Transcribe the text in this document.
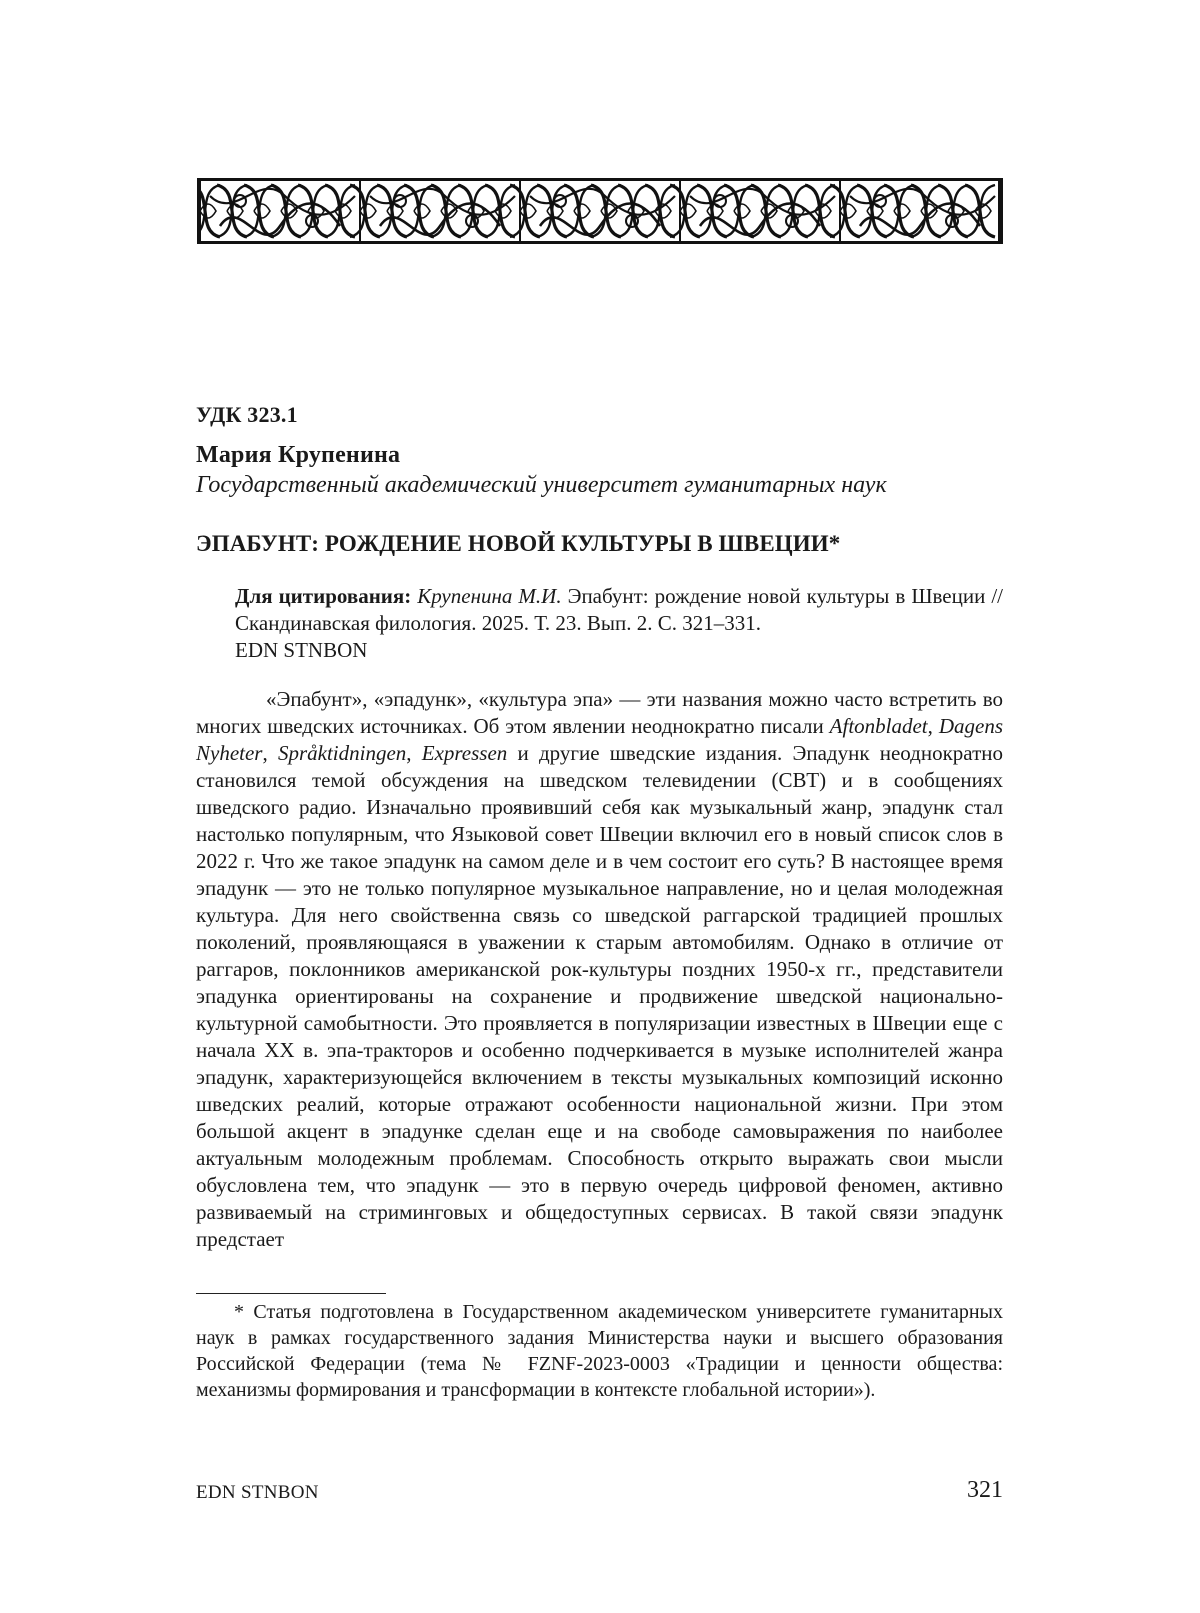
УДК 323.1
Мария Крупенина
Государственный академический университет гуманитарных наук
ЭПАБУНТ: РОЖДЕНИЕ НОВОЙ КУЛЬТУРЫ В ШВЕЦИИ*
Для цитирования: Крупенина М.И. Эпабунт: рождение новой культуры в Швеции // Скандинавская филология. 2025. Т. 23. Вып. 2. С. 321–331.
EDN STNBON

«Эпабунт», «эпадунк», «культура эпа» — эти названия можно часто встретить во многих шведских источниках. Об этом явлении неоднократно писали Aftonbladet, Dagens Nyheter, Språktidningen, Expressen и другие шведские издания. Эпадунк неоднократно становился темой обсуждения на шведском телевидении (СВТ) и в сообщениях шведского радио. Изначально проявивший себя как музыкальный жанр, эпадунк стал настолько популярным, что Языковой совет Швеции включил его в новый список слов в 2022 г. Что же такое эпадунк на самом деле и в чем состоит его суть? В настоящее время эпадунк — это не только популярное музыкальное направление, но и целая молодежная культура. Для него свойственна связь со шведской раггарской традицией прошлых поколений, проявляющаяся в уважении к старым автомобилям. Однако в отличие от раггаров, поклонников американской рок-культуры поздних 1950-х гг., представители эпадунка ориентированы на сохранение и продвижение шведской национально-культурной самобытности. Это проявляется в популяризации известных в Швеции еще с начала XX в. эпа-тракторов и особенно подчеркивается в музыке исполнителей жанра эпадунк, характеризующейся включением в тексты музыкальных композиций исконно шведских реалий, которые отражают особенности национальной жизни. При этом большой акцент в эпадунке сделан еще и на свободе самовыражения по наиболее актуальным молодежным проблемам. Способность открыто выражать свои мысли обусловлена тем, что эпадунк — это в первую очередь цифровой феномен, активно развиваемый на стриминговых и общедоступных сервисах. В такой связи эпадунк предстает

* Статья подготовлена в Государственном академическом университете гуманитарных наук в рамках государственного задания Министерства науки и высшего образования Российской Федерации (тема № FZNF-2023-0003 «Традиции и ценности общества: механизмы формирования и трансформации в контексте глобальной истории»).

EDN STNBON	321
